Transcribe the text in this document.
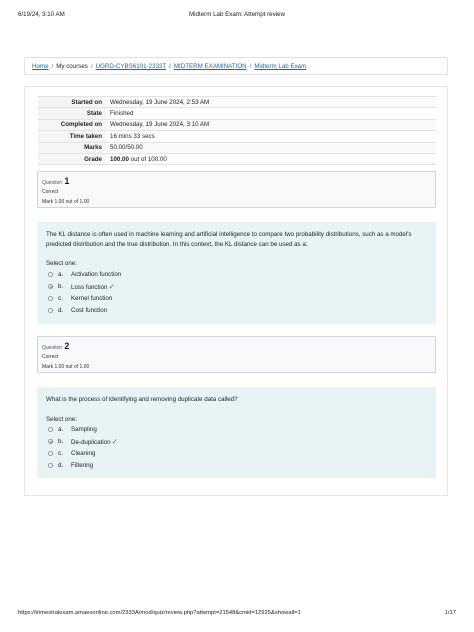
6/19/24, 3:10 AM	Midterm Lab Exam: Attempt review
Home / My courses / UGRD-CYBS6101-2333T / MIDTERM EXAMINATION / Midterm Lab Exam
Started on	Wednesday, 19 June 2024, 2:53 AM
State	Finished
Completed on	Wednesday, 19 June 2024, 3:10 AM
Time taken	16 mins 33 secs
Marks	50.00/50.00
Grade	100.00 out of 100.00
Question 1
Correct
Mark 1.00 out of 1.00

The KL distance is often used in machine learning and artificial intelligence to compare two probability distributions, such as a model's predicted distribution and the true distribution. In this context, the KL distance can be used as a:

Select one:
a. Activation function
b. Loss function✓
c. Kernel function
d. Cost function
Question 2
Correct
Mark 1.00 out of 1.00

What is the process of identifying and removing duplicate data called?

Select one:
a. Sampling
b. De-duplication✓
c. Cleaning
d. Filtering
https://trimestralexam.amaesonline.com/2333A/mod/quiz/review.php?attempt=21548&cmid=12925&showall=1	1/17
